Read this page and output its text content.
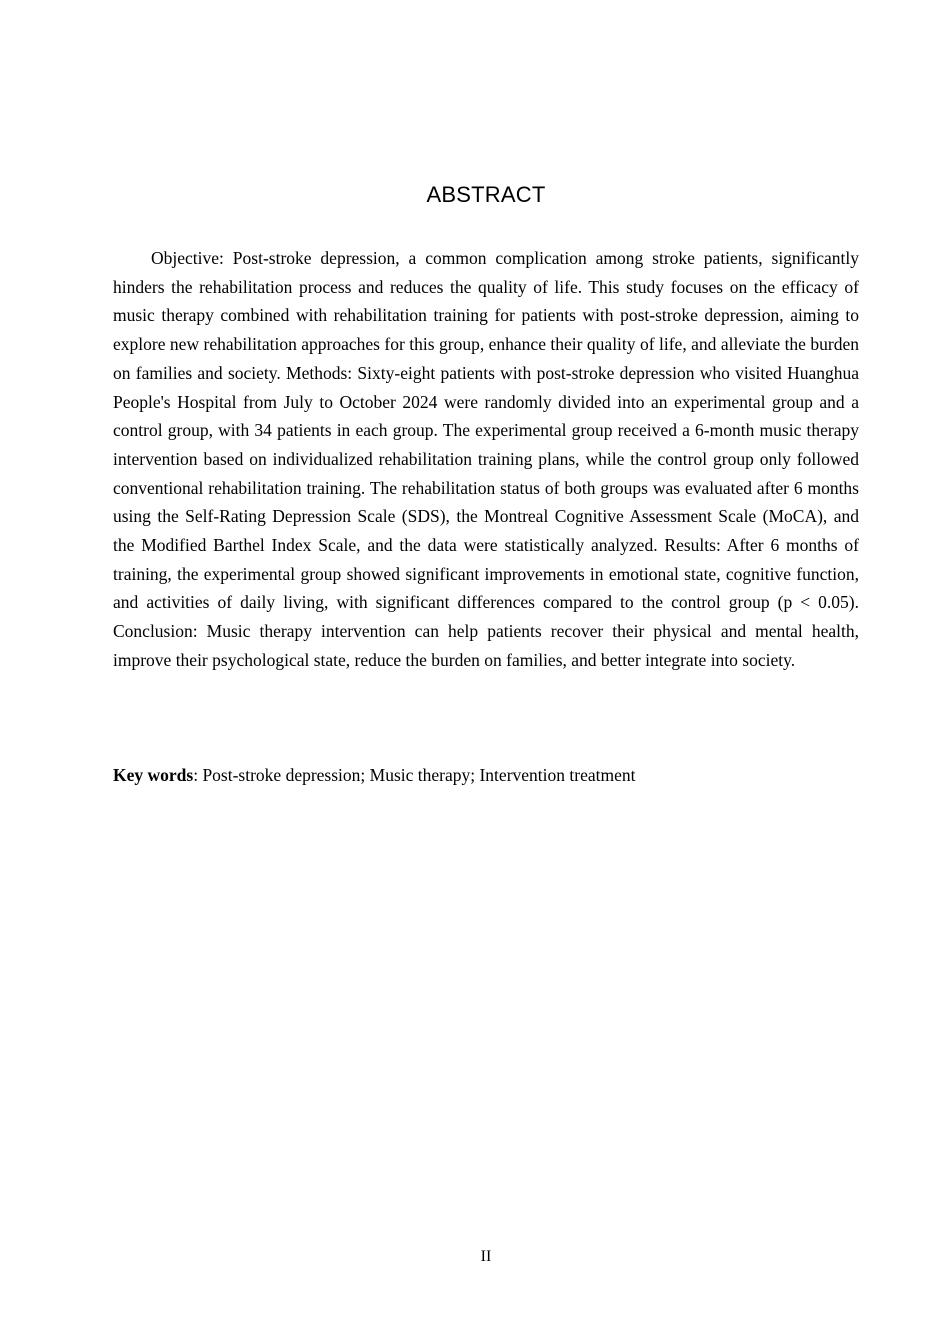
ABSTRACT

Objective: Post-stroke depression, a common complication among stroke patients, significantly hinders the rehabilitation process and reduces the quality of life. This study focuses on the efficacy of music therapy combined with rehabilitation training for patients with post-stroke depression, aiming to explore new rehabilitation approaches for this group, enhance their quality of life, and alleviate the burden on families and society. Methods: Sixty-eight patients with post-stroke depression who visited Huanghua People's Hospital from July to October 2024 were randomly divided into an experimental group and a control group, with 34 patients in each group. The experimental group received a 6-month music therapy intervention based on individualized rehabilitation training plans, while the control group only followed conventional rehabilitation training. The rehabilitation status of both groups was evaluated after 6 months using the Self-Rating Depression Scale (SDS), the Montreal Cognitive Assessment Scale (MoCA), and the Modified Barthel Index Scale, and the data were statistically analyzed. Results: After 6 months of training, the experimental group showed significant improvements in emotional state, cognitive function, and activities of daily living, with significant differences compared to the control group (p < 0.05). Conclusion: Music therapy intervention can help patients recover their physical and mental health, improve their psychological state, reduce the burden on families, and better integrate into society.

Key words: Post-stroke depression; Music therapy; Intervention treatment

II
